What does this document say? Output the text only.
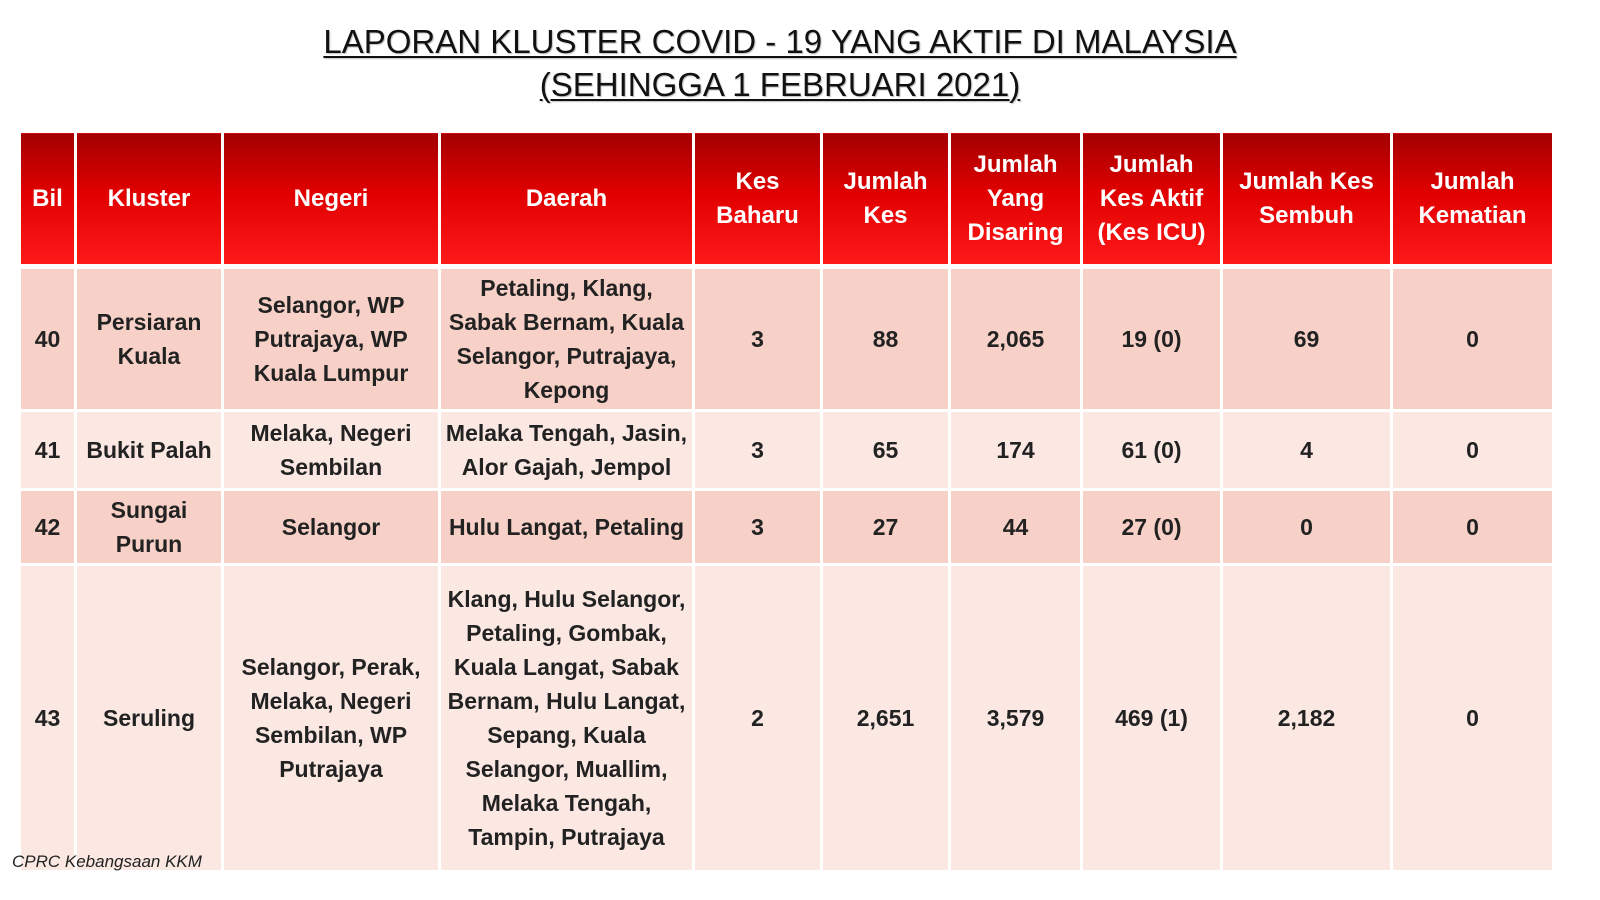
LAPORAN KLUSTER COVID - 19 YANG AKTIF DI MALAYSIA
(SEHINGGA 1 FEBRUARI 2021)
Bil	Kluster	Negeri	Daerah	Kes Baharu	Jumlah Kes	Jumlah Yang Disaring	Jumlah Kes Aktif (Kes ICU)	Jumlah Kes Sembuh	Jumlah Kematian
40	Persiaran Kuala	Selangor, WP Putrajaya, WP Kuala Lumpur	Petaling, Klang, Sabak Bernam, Kuala Selangor, Putrajaya, Kepong	3	88	2,065	19 (0)	69	0
41	Bukit Palah	Melaka, Negeri Sembilan	Melaka Tengah, Jasin, Alor Gajah, Jempol	3	65	174	61 (0)	4	0
42	Sungai Purun	Selangor	Hulu Langat, Petaling	3	27	44	27 (0)	0	0
43	Seruling	Selangor, Perak, Melaka, Negeri Sembilan, WP Putrajaya	Klang, Hulu Selangor, Petaling, Gombak, Kuala Langat, Sabak Bernam, Hulu Langat, Sepang, Kuala Selangor, Muallim, Melaka Tengah, Tampin, Putrajaya	2	2,651	3,579	469 (1)	2,182	0
CPRC Kebangsaan KKM
